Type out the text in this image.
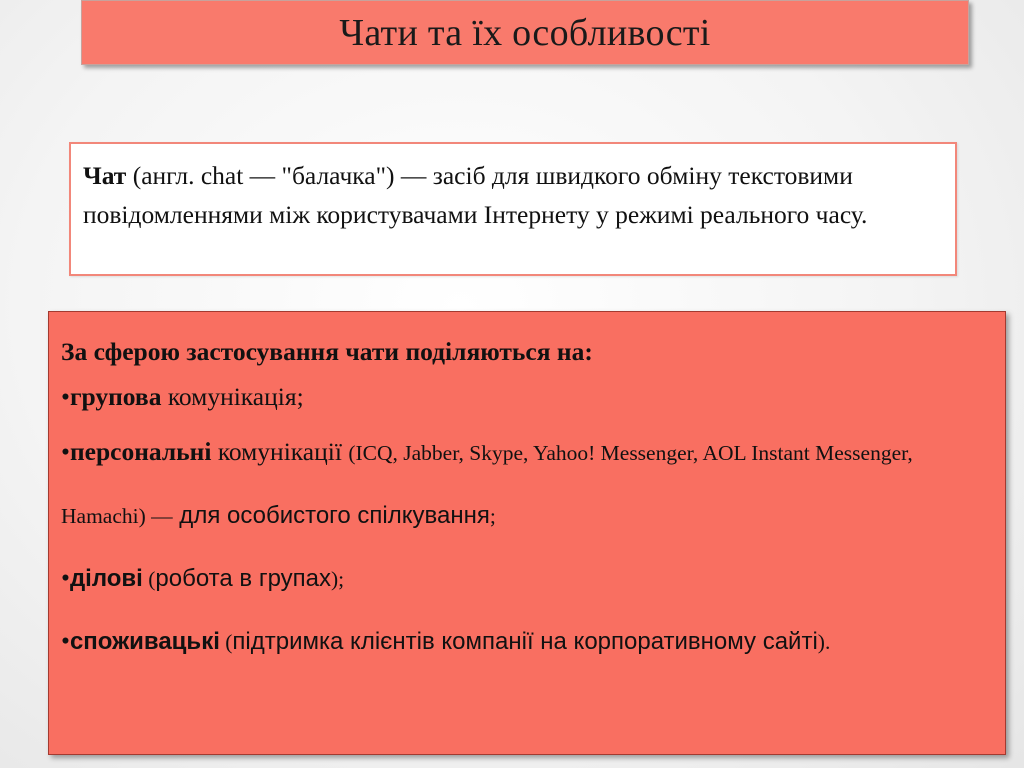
Чати та їх особливості
Чат (англ. chat — "балачка") — засіб для швидкого обміну текстовими повідомленнями між користувачами Інтернету у режимі реального часу.

За сферою застосування чати поділяються на:

•групова комунікація;

•персональні комунікації (ICQ, Jabber, Skype, Yahoo! Messenger, AOL Instant Messenger, Hamachi) — для особистого спілкування;

•ділові (робота в групах);

•споживацькі (підтримка клієнтів компанії на корпоративному сайті).
